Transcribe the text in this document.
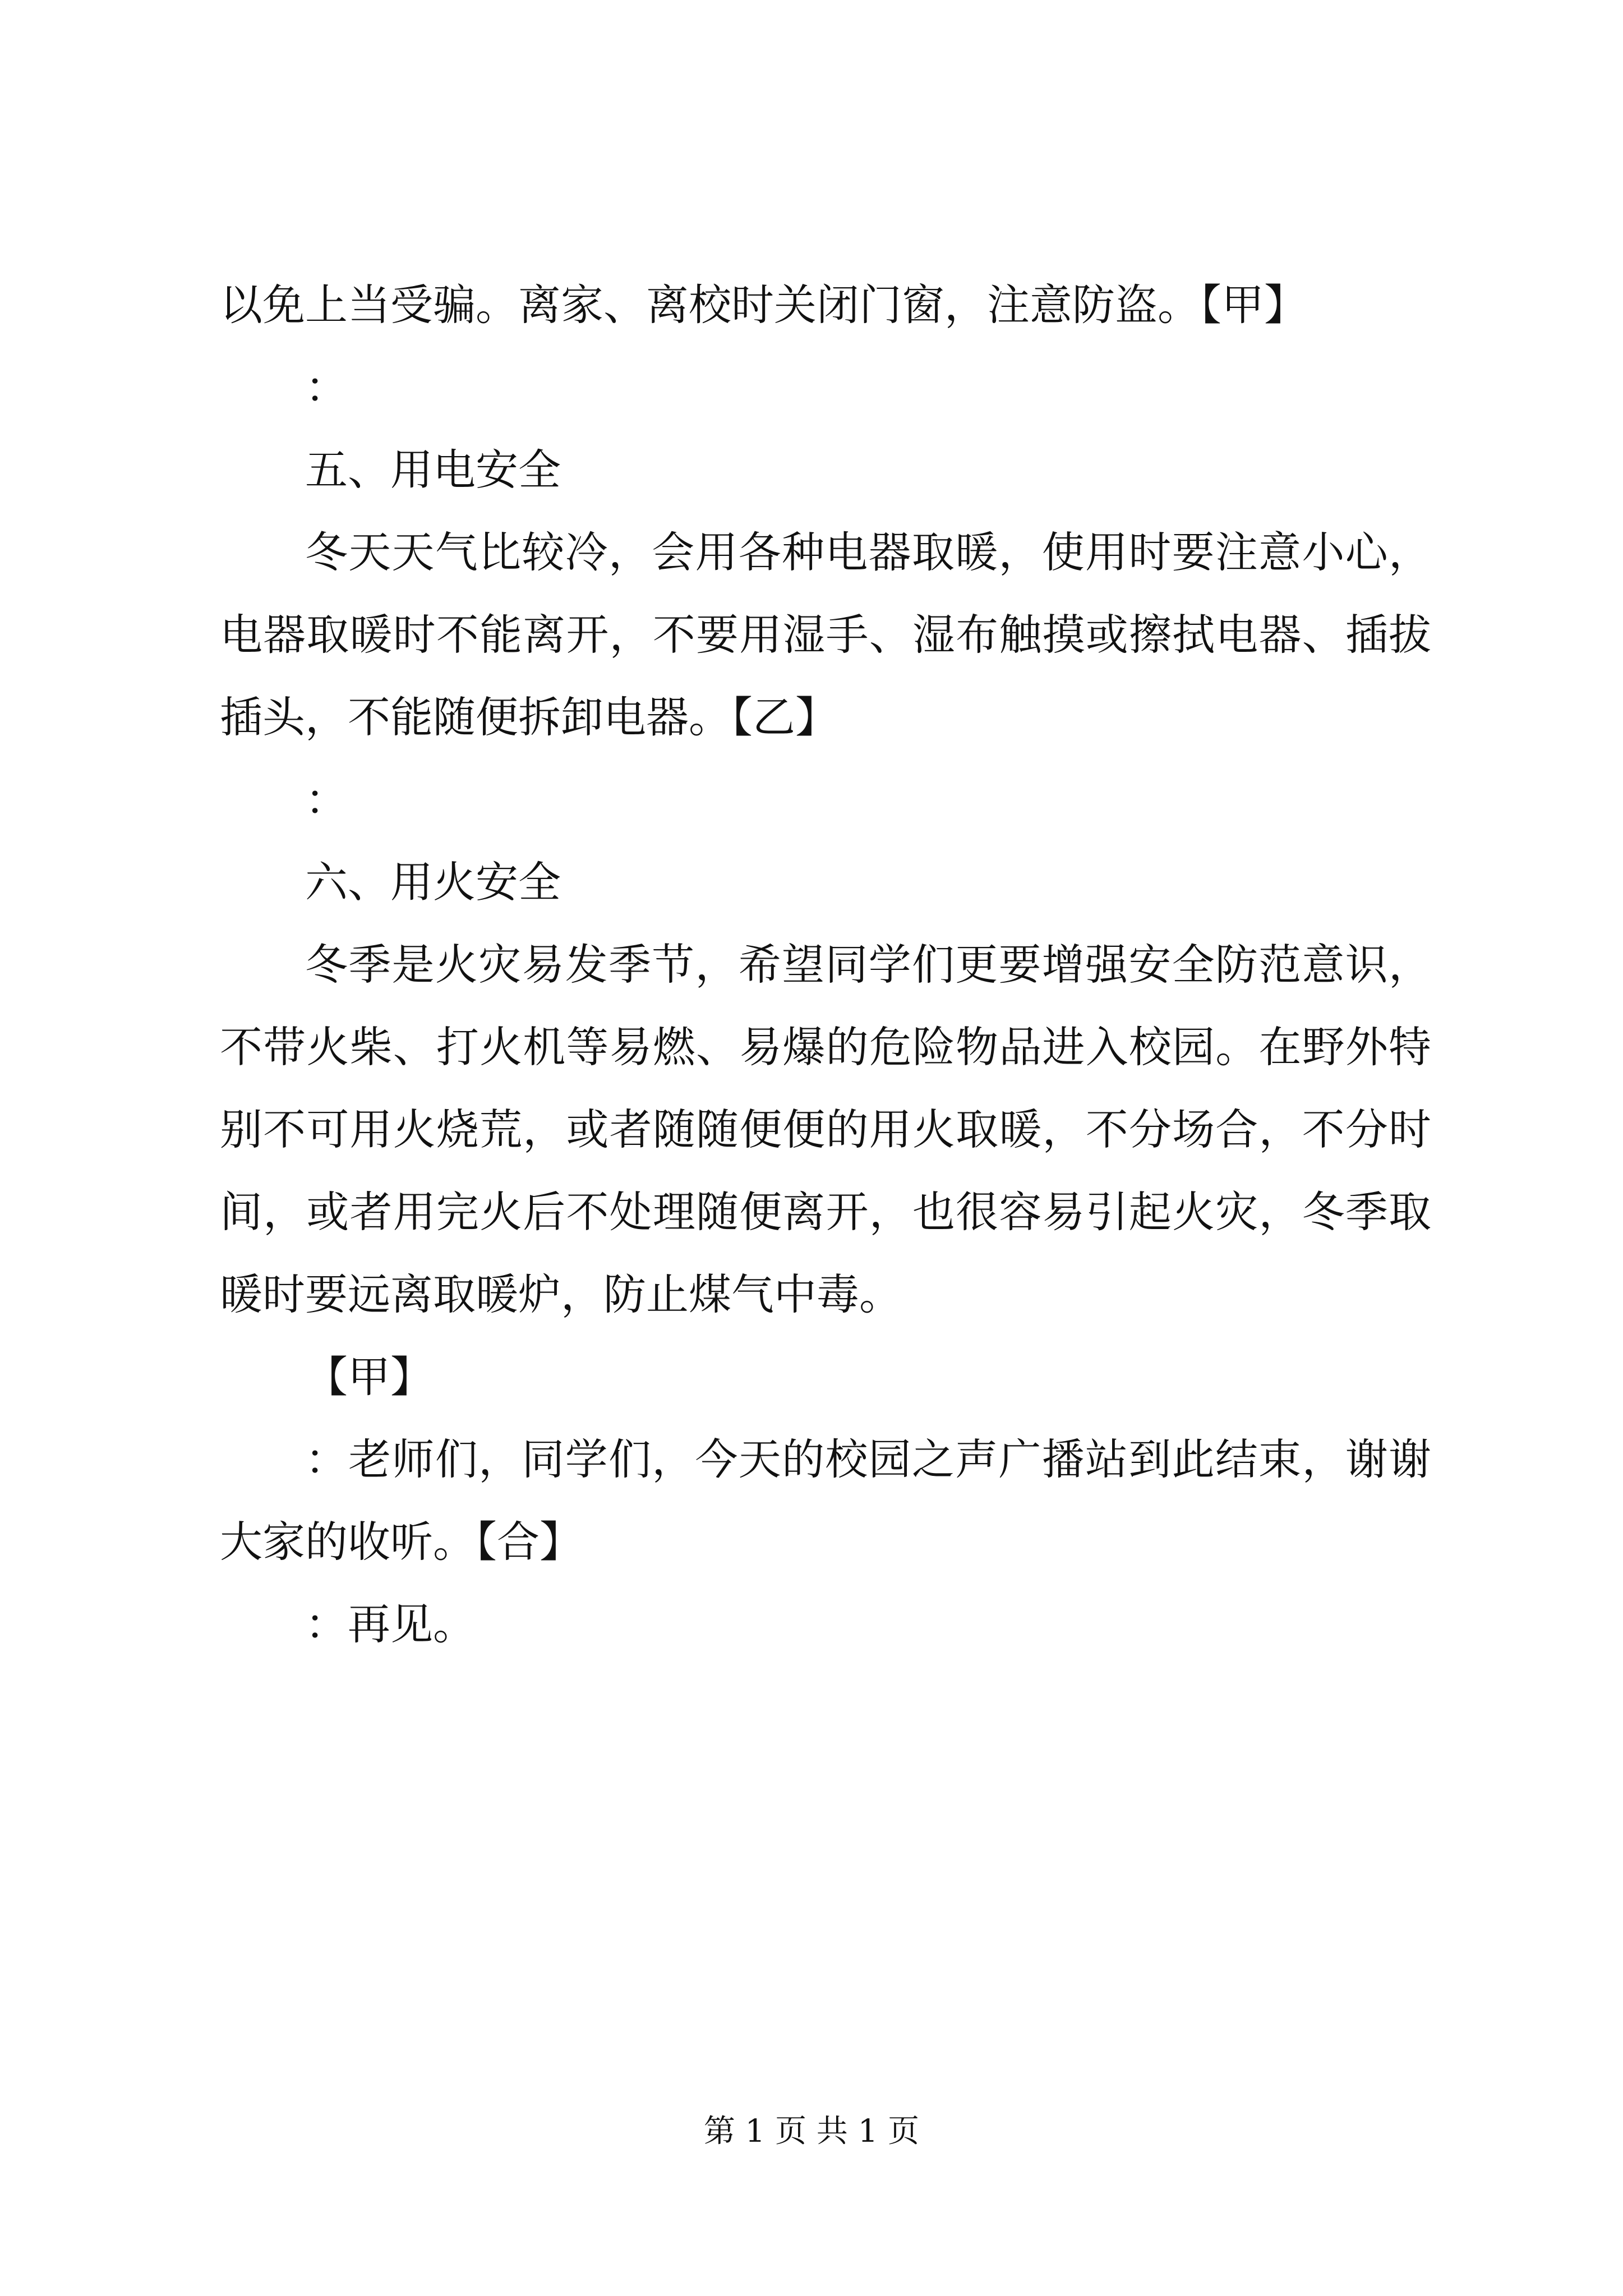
以免上当受骗。离家、离校时关闭门窗，注意防盗。【甲】

：

五、用电安全

冬天天气比较冷，会用各种电器取暖，使用时要注意小心，电器取暖时不能离开，不要用湿手、湿布触摸或擦拭电器、插拔插头，不能随便拆卸电器。【乙】

：

六、用火安全

冬季是火灾易发季节，希望同学们更要增强安全防范意识，不带火柴、打火机等易燃、易爆的危险物品进入校园。在野外特别不可用火烧荒，或者随随便便的用火取暖，不分场合，不分时间，或者用完火后不处理随便离开，也很容易引起火灾，冬季取暖时要远离取暖炉，防止煤气中毒。

【甲】

：老师们，同学们，今天的校园之声广播站到此结束，谢谢大家的收听。【合】

：再见。

第 1 页 共 1 页
